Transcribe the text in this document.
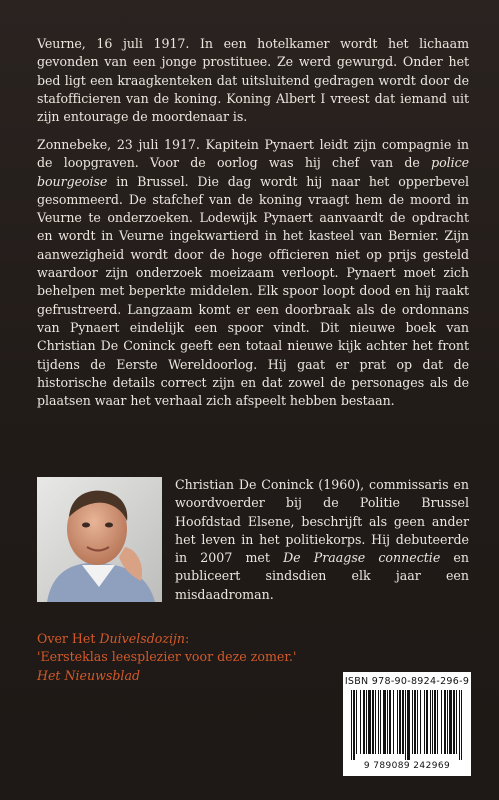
Veurne, 16 juli 1917. In een hotelkamer wordt het lichaam gevonden van een jonge prostituee. Ze werd gewurgd. Onder het bed ligt een kraagkenteken dat uitsluitend gedragen wordt door de stafofficieren van de koning. Koning Albert I vreest dat iemand uit zijn entourage de moordenaar is.

Zonnebeke, 23 juli 1917. Kapitein Pynaert leidt zijn compagnie in de loopgraven. Voor de oorlog was hij chef van de police bourgeoise in Brussel. Die dag wordt hij naar het opperbevel gesommeerd. De stafchef van de koning vraagt hem de moord in Veurne te onderzoeken. Lodewijk Pynaert aanvaardt de opdracht en wordt in Veurne ingekwartierd in het kasteel van Bernier. Zijn aanwezigheid wordt door de hoge officieren niet op prijs gesteld waardoor zijn onderzoek moeizaam verloopt. Pynaert moet zich behelpen met beperkte middelen. Elk spoor loopt dood en hij raakt gefrustreerd. Langzaam komt er een doorbraak als de ordonnans van Pynaert eindelijk een spoor vindt. Dit nieuwe boek van Christian De Coninck geeft een totaal nieuwe kijk achter het front tijdens de Eerste Wereldoorlog. Hij gaat er prat op dat de historische details correct zijn en dat zowel de personages als de plaatsen waar het verhaal zich afspeelt hebben bestaan.

Christian De Coninck (1960), commissaris en woordvoerder bij de Politie Brussel Hoofdstad Elsene, beschrijft als geen ander het leven in het politiekorps. Hij debuteerde in 2007 met De Praagse connectie en publiceert sindsdien elk jaar een misdaadroman.

Over Het Duivelsdozijn:
'Eersteklas leesplezier voor deze zomer.'
Het Nieuwsblad	ISBN 978-90-8924-296-9
9 789089 242969
